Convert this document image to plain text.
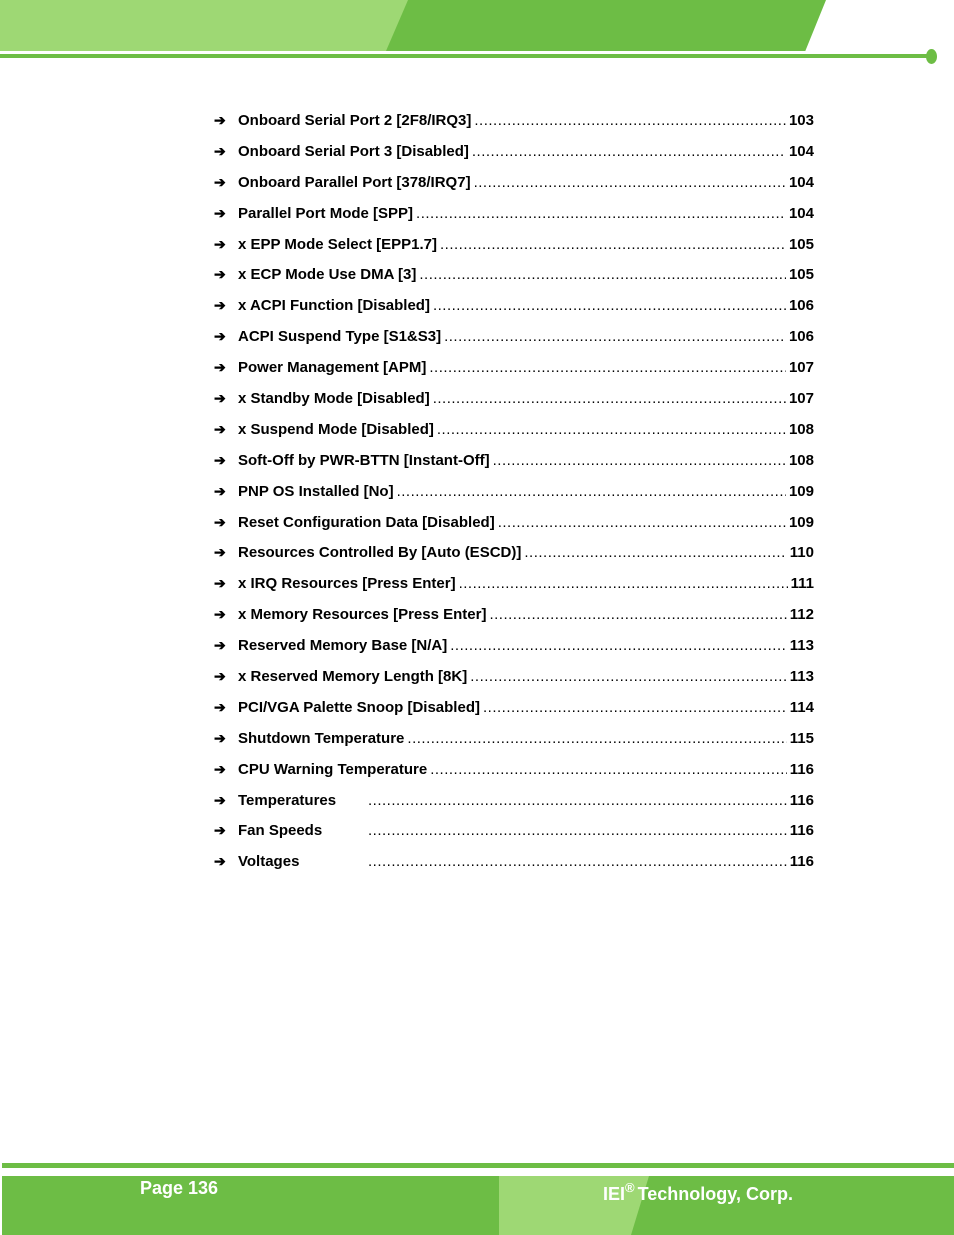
➔ Onboard Serial Port 2 [2F8/IRQ3] .....	103
➔ Onboard Serial Port 3 [Disabled] .....	104
➔ Onboard Parallel Port [378/IRQ7] .....	104
➔ Parallel Port Mode [SPP] .....	104
➔ x EPP Mode Select [EPP1.7] .....	105
➔ x ECP Mode Use DMA [3] .....	105
➔ x ACPI Function [Disabled] .....	106
➔ ACPI Suspend Type [S1&S3] .....	106
➔ Power Management [APM] .....	107
➔ x Standby Mode [Disabled] .....	107
➔ x Suspend Mode [Disabled] .....	108
➔ Soft-Off by PWR-BTTN [Instant-Off] .....	108
➔ PNP OS Installed [No] .....	109
➔ Reset Configuration Data [Disabled] .....	109
➔ Resources Controlled By [Auto (ESCD)] .....	110
➔ x IRQ Resources [Press Enter] .....	111
➔ x Memory Resources [Press Enter] .....	112
➔ Reserved Memory Base [N/A] .....	113
➔ x Reserved Memory Length [8K] .....	113
➔ PCI/VGA Palette Snoop [Disabled] .....	114
➔ Shutdown Temperature .....	115
➔ CPU Warning Temperature .....	116
➔ Temperatures .....	116
➔ Fan Speeds .....	116
➔ Voltages .....	116
Page 136	IEI® Technology, Corp.
